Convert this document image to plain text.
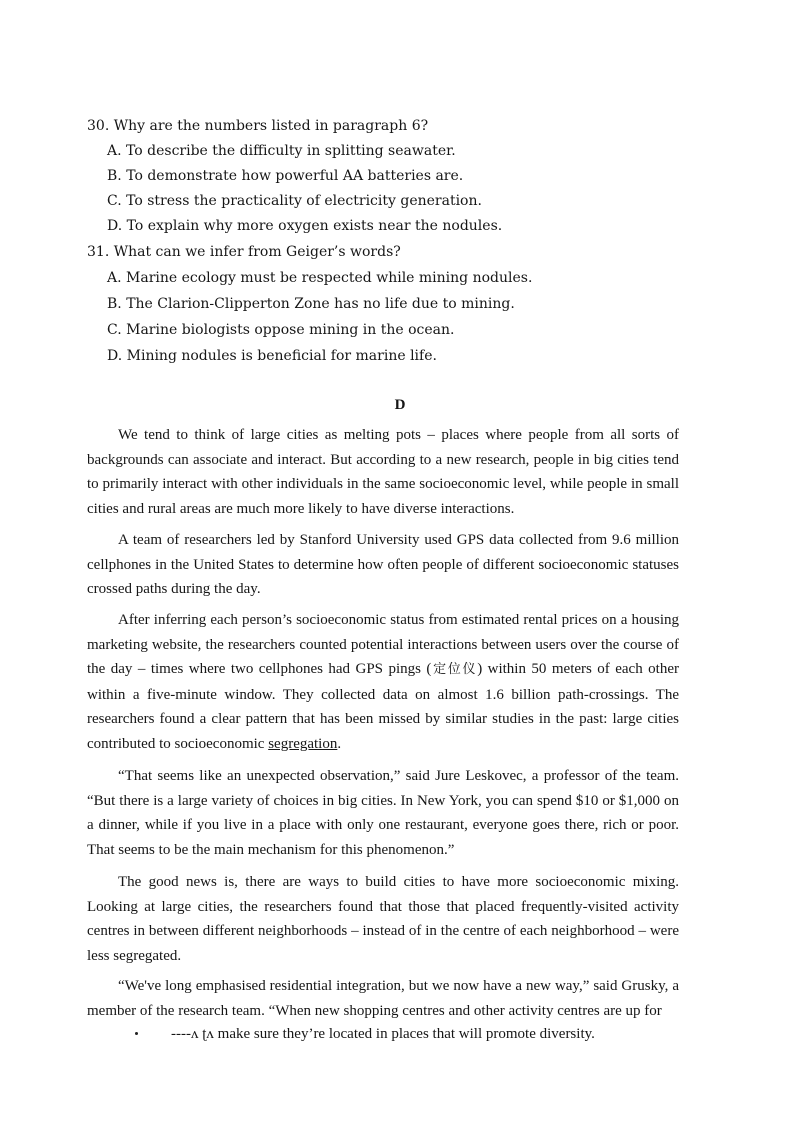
30. Why are the numbers listed in paragraph 6?
A. To describe the difficulty in splitting seawater.
B. To demonstrate how powerful AA batteries are.
C. To stress the practicality of electricity generation.
D. To explain why more oxygen exists near the nodules.
31. What can we infer from Geiger’s words?
A. Marine ecology must be respected while mining nodules.
B. The Clarion-Clipperton Zone has no life due to mining.
C. Marine biologists oppose mining in the ocean.
D. Mining nodules is beneficial for marine life.
D

We tend to think of large cities as melting pots – places where people from all sorts of backgrounds can associate and interact. But according to a new research, people in big cities tend to primarily interact with other individuals in the same socioeconomic level, while people in small cities and rural areas are much more likely to have diverse interactions.

A team of researchers led by Stanford University used GPS data collected from 9.6 million cellphones in the United States to determine how often people of different socioeconomic statuses crossed paths during the day.

After inferring each person’s socioeconomic status from estimated rental prices on a housing marketing website, the researchers counted potential interactions between users over the course of the day – times where two cellphones had GPS pings (定位仪) within 50 meters of each other within a five-minute window. They collected data on almost 1.6 billion path-crossings. The researchers found a clear pattern that has been missed by similar studies in the past: large cities contributed to socioeconomic segregation.

“That seems like an unexpected observation,” said Jure Leskovec, a professor of the team. “But there is a large variety of choices in big cities. In New York, you can spend $10 or $1,000 on a dinner, while if you live in a place with only one restaurant, everyone goes there, rich or poor. That seems to be the main mechanism for this phenomenon.”

The good news is, there are ways to build cities to have more socioeconomic mixing. Looking at large cities, the researchers found that those that placed frequently-visited activity centres in between different neighborhoods – instead of in the centre of each neighborhood – were less segregated.

“We've long emphasised residential integration, but we now have a new way,” said Grusky, a member of the research team. “When new shopping centres and other activity centres are up for

----ʌ ʈʌ make sure they’re located in places that will promote diversity.
